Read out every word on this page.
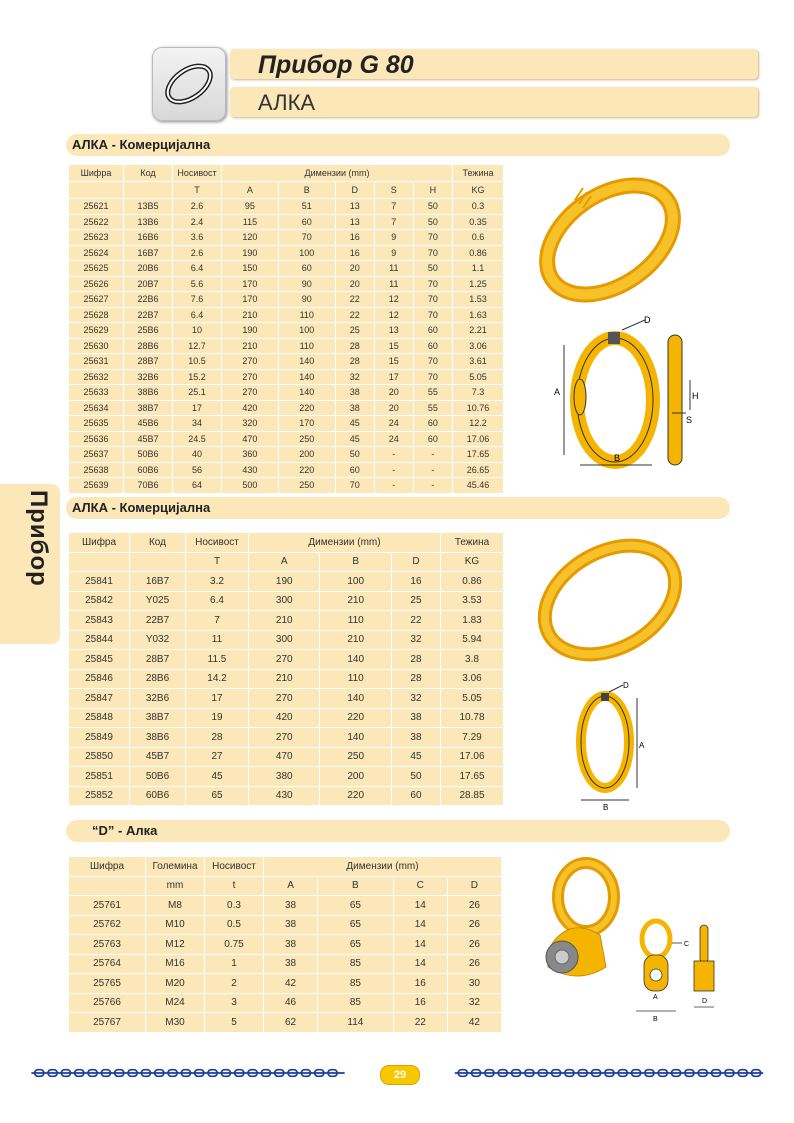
Прибор G 80
АЛКА
Прибор
АЛКА - Комерцијална
Шифра	Код	Носивост	Димензии (mm)					Тежина
		T	A	B	D	S	H	KG
25621	13B5	2.6	95	51	13	7	50	0.3
25622	13B6	2.4	115	60	13	7	50	0.35
25623	16B6	3.6	120	70	16	9	70	0.6
25624	16B7	2.6	190	100	16	9	70	0.86
25625	20B6	6.4	150	60	20	11	50	1.1
25626	20B7	5.6	170	90	20	11	70	1.25
25627	22B6	7.6	170	90	22	12	70	1.53
25628	22B7	6.4	210	110	22	12	70	1.63
25629	25B6	10	190	100	25	13	60	2.21
25630	28B6	12.7	210	110	28	15	60	3.06
25631	28B7	10.5	270	140	28	15	70	3.61
25632	32B6	15.2	270	140	32	17	70	5.05
25633	38B6	25.1	270	140	38	20	55	7.3
25634	38B7	17	420	220	38	20	55	10.76
25635	45B6	34	320	170	45	24	60	12.2
25636	45B7	24.5	470	250	45	24	60	17.06
25637	50B6	40	360	200	50	-	-	17.65
25638	60B6	56	430	220	60	-	-	26.65
25639	70B6	64	500	250	70	-	-	45.46
A
B
D
H
S
АЛКА - Комерцијална
Шифра	Код	Носивост	Димензии (mm)			Тежина
		T	A	B	D	KG
25841	16B7	3.2	190	100	16	0.86
25842	Y025	6.4	300	210	25	3.53
25843	22B7	7	210	110	22	1.83
25844	Y032	11	300	210	32	5.94
25845	28B7	11.5	270	140	28	3.8
25846	28B6	14.2	210	110	28	3.06
25847	32B6	17	270	140	32	5.05
25848	38B7	19	420	220	38	10.78
25849	38B6	28	270	140	38	7.29
25850	45B7	27	470	250	45	17.06
25851	50B6	45	380	200	50	17.65
25852	60B6	65	430	220	60	28.85
A
B
D
“D” - Алка
Шифра	Големина	Носивост	Димензии (mm)			
	mm	t	A	B	C	D
25761	M8	0.3	38	65	14	26
25762	M10	0.5	38	65	14	26
25763	M12	0.75	38	65	14	26
25764	M16	1	38	85	14	26
25765	M20	2	42	85	16	30
25766	M24	3	46	85	16	32
25767	M30	5	62	114	22	42
C
A
B
D
29
